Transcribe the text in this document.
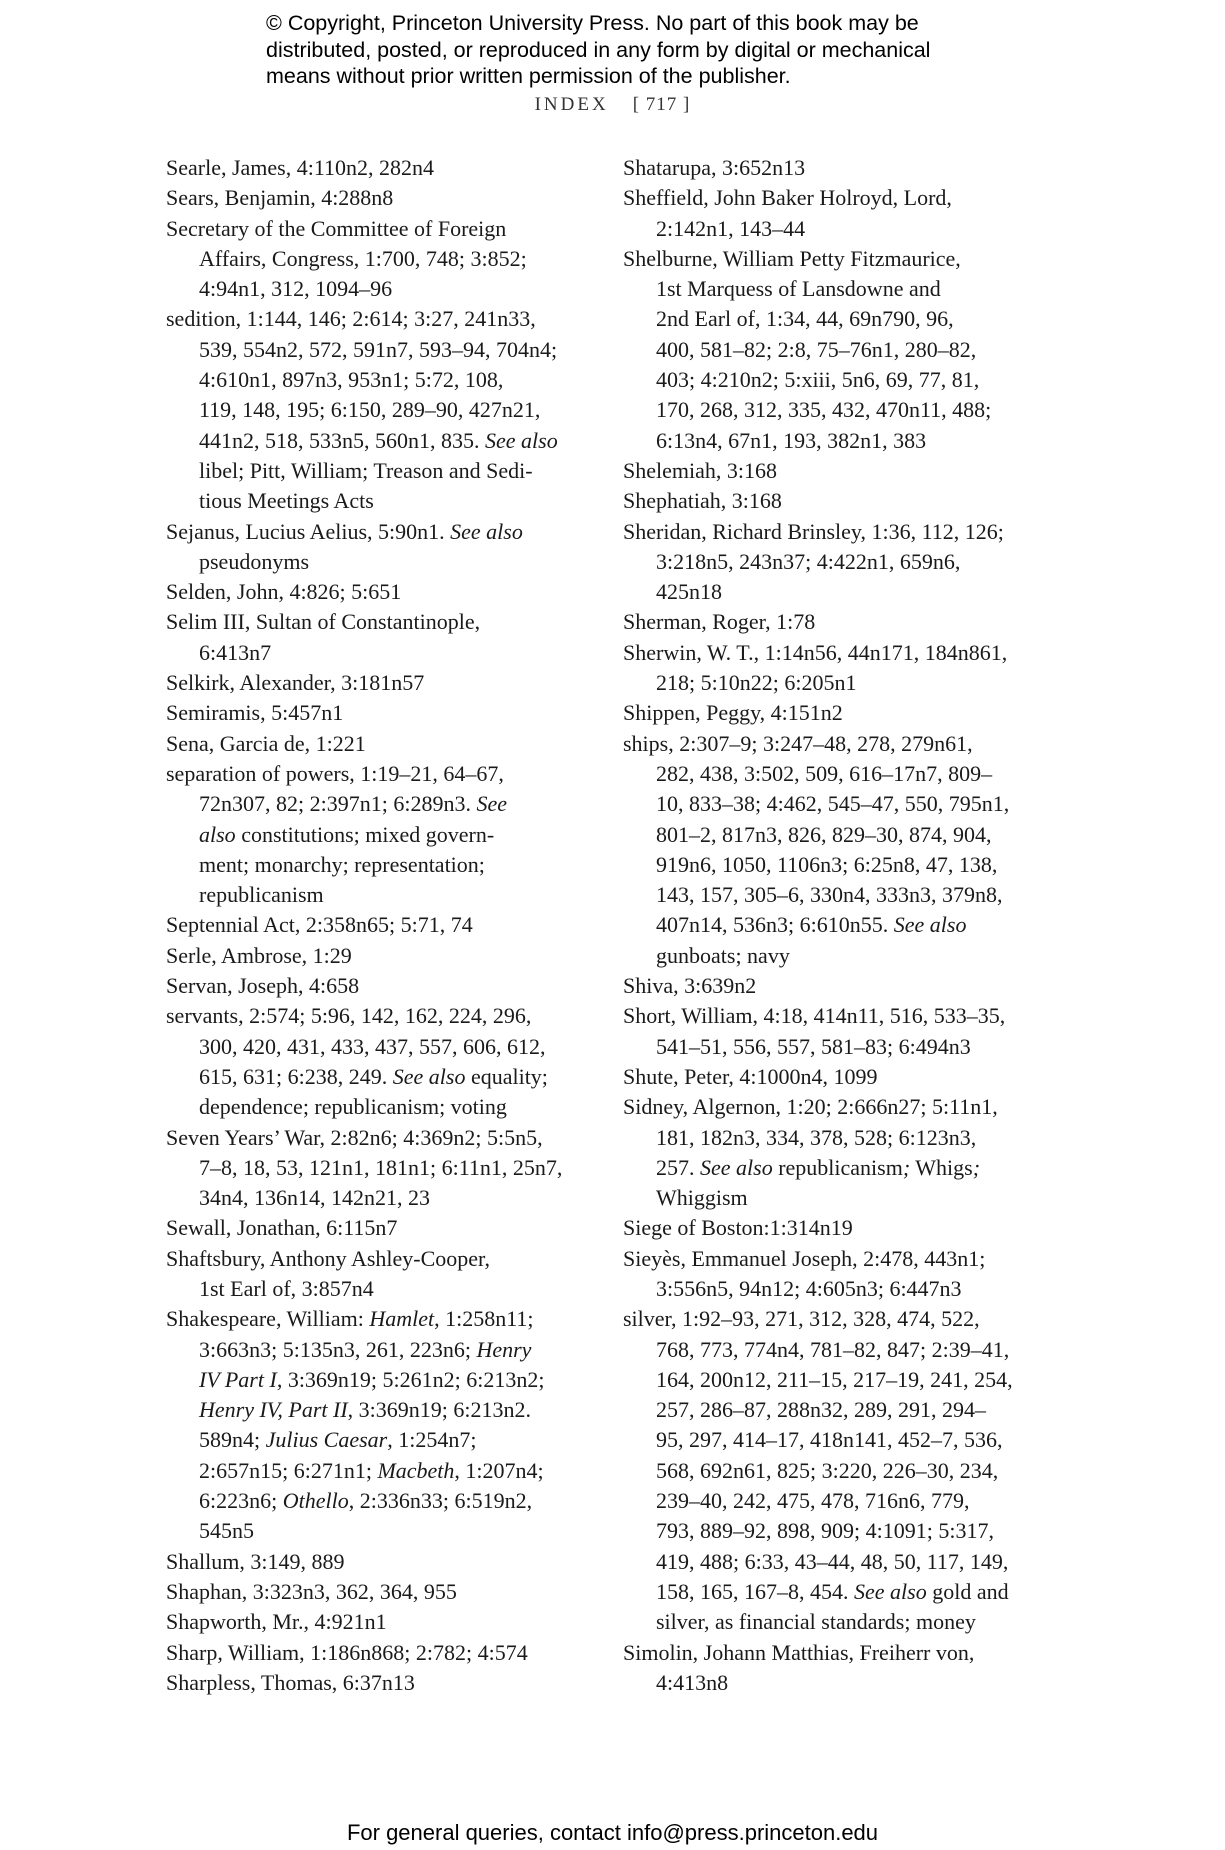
© Copyright, Princeton University Press. No part of this book may be

distributed, posted, or reproduced in any form by digital or mechanical

means without prior written permission of the publisher.

INDEX [ 717 ]
Searle, James, 4:110n2, 282n4
Sears, Benjamin, 4:288n8
Secretary of the Committee of Foreign
Affairs, Congress, 1:700, 748; 3:852;
4:94n1, 312, 1094–96
sedition, 1:144, 146; 2:614; 3:27, 241n33,
539, 554n2, 572, 591n7, 593–94, 704n4;
4:610n1, 897n3, 953n1; 5:72, 108,
119, 148, 195; 6:150, 289–90, 427n21,
441n2, 518, 533n5, 560n1, 835. See also
libel; Pitt, William; Treason and Sedi-
tious Meetings Acts
Sejanus, Lucius Aelius, 5:90n1. See also
pseudonyms
Selden, John, 4:826; 5:651
Selim III, Sultan of Constantinople,
6:413n7
Selkirk, Alexander, 3:181n57
Semiramis, 5:457n1
Sena, Garcia de, 1:221
separation of powers, 1:19–21, 64–67,
72n307, 82; 2:397n1; 6:289n3. See
also constitutions; mixed govern-
ment; monarchy; representation;
republicanism
Septennial Act, 2:358n65; 5:71, 74
Serle, Ambrose, 1:29
Servan, Joseph, 4:658
servants, 2:574; 5:96, 142, 162, 224, 296,
300, 420, 431, 433, 437, 557, 606, 612,
615, 631; 6:238, 249. See also equality;
dependence; republicanism; voting
Seven Years’ War, 2:82n6; 4:369n2; 5:5n5,
7–8, 18, 53, 121n1, 181n1; 6:11n1, 25n7,
34n4, 136n14, 142n21, 23
Sewall, Jonathan, 6:115n7
Shaftsbury, Anthony Ashley-Cooper,
1st Earl of, 3:857n4
Shakespeare, William: Hamlet, 1:258n11;
3:663n3; 5:135n3, 261, 223n6; Henry
IV Part I, 3:369n19; 5:261n2; 6:213n2;
Henry IV, Part II, 3:369n19; 6:213n2.
589n4; Julius Caesar, 1:254n7;
2:657n15; 6:271n1; Macbeth, 1:207n4;
6:223n6; Othello, 2:336n33; 6:519n2,
545n5
Shallum, 3:149, 889
Shaphan, 3:323n3, 362, 364, 955
Shapworth, Mr., 4:921n1
Sharp, William, 1:186n868; 2:782; 4:574
Sharpless, Thomas, 6:37n13
Shatarupa, 3:652n13
Sheffield, John Baker Holroyd, Lord,
2:142n1, 143–44
Shelburne, William Petty Fitzmaurice,
1st Marquess of Lansdowne and
2nd Earl of, 1:34, 44, 69n790, 96,
400, 581–82; 2:8, 75–76n1, 280–82,
403; 4:210n2; 5:xiii, 5n6, 69, 77, 81,
170, 268, 312, 335, 432, 470n11, 488;
6:13n4, 67n1, 193, 382n1, 383
Shelemiah, 3:168
Shephatiah, 3:168
Sheridan, Richard Brinsley, 1:36, 112, 126;
3:218n5, 243n37; 4:422n1, 659n6,
425n18
Sherman, Roger, 1:78
Sherwin, W. T., 1:14n56, 44n171, 184n861,
218; 5:10n22; 6:205n1
Shippen, Peggy, 4:151n2
ships, 2:307–9; 3:247–48, 278, 279n61,
282, 438, 3:502, 509, 616–17n7, 809–
10, 833–38; 4:462, 545–47, 550, 795n1,
801–2, 817n3, 826, 829–30, 874, 904,
919n6, 1050, 1106n3; 6:25n8, 47, 138,
143, 157, 305–6, 330n4, 333n3, 379n8,
407n14, 536n3; 6:610n55. See also
gunboats; navy
Shiva, 3:639n2
Short, William, 4:18, 414n11, 516, 533–35,
541–51, 556, 557, 581–83; 6:494n3
Shute, Peter, 4:1000n4, 1099
Sidney, Algernon, 1:20; 2:666n27; 5:11n1,
181, 182n3, 334, 378, 528; 6:123n3,
257. See also republicanism; Whigs;
Whiggism
Siege of Boston:1:314n19
Sieyès, Emmanuel Joseph, 2:478, 443n1;
3:556n5, 94n12; 4:605n3; 6:447n3
silver, 1:92–93, 271, 312, 328, 474, 522,
768, 773, 774n4, 781–82, 847; 2:39–41,
164, 200n12, 211–15, 217–19, 241, 254,
257, 286–87, 288n32, 289, 291, 294–
95, 297, 414–17, 418n141, 452–7, 536,
568, 692n61, 825; 3:220, 226–30, 234,
239–40, 242, 475, 478, 716n6, 779,
793, 889–92, 898, 909; 4:1091; 5:317,
419, 488; 6:33, 43–44, 48, 50, 117, 149,
158, 165, 167–8, 454. See also gold and
silver, as financial standards; money
Simolin, Johann Matthias, Freiherr von,
4:413n8
For general queries, contact info@press.princeton.edu
